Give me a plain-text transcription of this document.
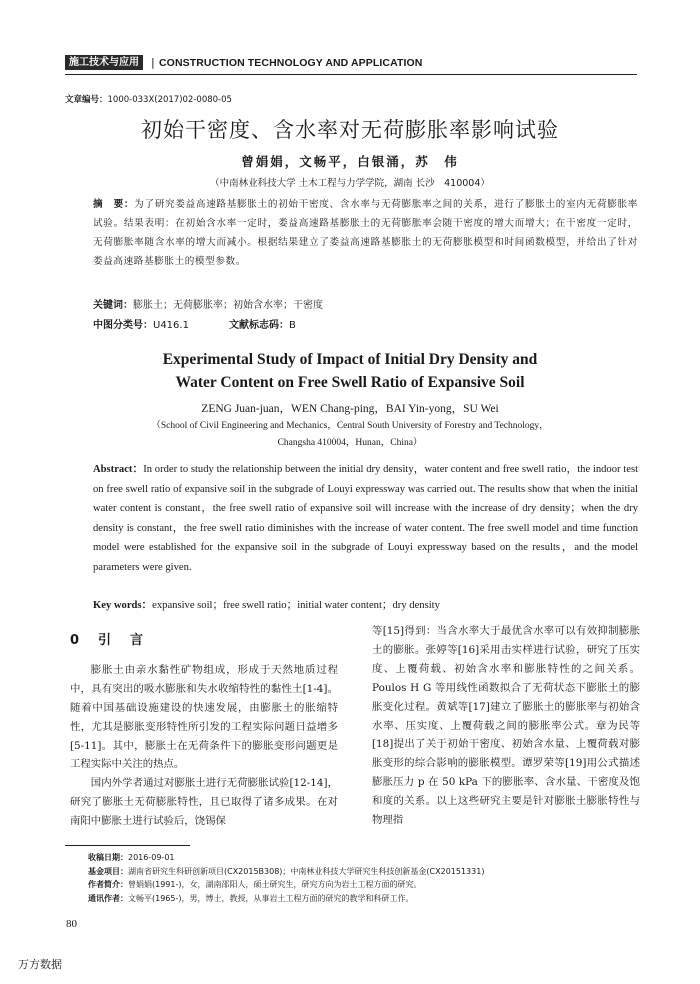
施工技术与应用	| CONSTRUCTION TECHNOLOGY AND APPLICATION
文章编号：1000-033X(2017)02-0080-05
初始干密度、含水率对无荷膨胀率影响试验
曾娟娟，文畅平，白银涌，苏　伟
（中南林业科技大学 土木工程与力学学院，湖南 长沙　410004）
摘　要：为了研究娄益高速路基膨胀土的初始干密度、含水率与无荷膨胀率之间的关系，进行了膨胀土的室内无荷膨胀率试验。结果表明：在初始含水率一定时，娄益高速路基膨胀土的无荷膨胀率会随干密度的增大而增大；在干密度一定时，无荷膨胀率随含水率的增大而减小。根据结果建立了娄益高速路基膨胀土的无荷膨胀模型和时间函数模型，并给出了针对娄益高速路基膨胀土的模型参数。
关键词：膨胀土；无荷膨胀率；初始含水率；干密度
中图分类号：U416.1	文献标志码：B
Experimental Study of Impact of Initial Dry Density and
Water Content on Free Swell Ratio of Expansive Soil
ZENG Juan-juan，WEN Chang-ping，BAI Yin-yong，SU Wei
（School of Civil Engineering and Mechanics，Central South University of Forestry and Technology，
Changsha 410004，Hunan，China）
Abstract：In order to study the relationship between the initial dry density，water content and free swell ratio，the indoor test on free swell ratio of expansive soil in the subgrade of Louyi expressway was carried out. The results show that when the initial water content is constant，the free swell ratio of expansive soil will increase with the increase of dry density；when the dry density is constant，the free swell ratio diminishes with the increase of water content. The free swell model and time function model were established for the expansive soil in the subgrade of Louyi expressway based on the results，and the model parameters were given.
Key words：expansive soil；free swell ratio；initial water content；dry density
0　引　言

膨胀土由亲水黏性矿物组成，形成于天然地质过程中，具有突出的吸水膨胀和失水收缩特性的黏性土[1-4]。随着中国基础设施建设的快速发展，由膨胀土的胀缩特性，尤其是膨胀变形特性所引发的工程实际问题日益增多[5-11]。其中，膨胀土在无荷条件下的膨胀变形问题更是工程实际中关注的热点。

国内外学者通过对膨胀土进行无荷膨胀试验[12-14]，研究了膨胀土无荷膨胀特性，且已取得了诸多成果。在对南阳中膨胀土进行试验后，饶锡保

等[15]得到：当含水率大于最优含水率可以有效抑制膨胀土的膨胀。张婷等[16]采用击实样进行试验，研究了压实度、上覆荷载、初始含水率和膨胀特性的之间关系。Poulos H G 等用线性函数拟合了无荷状态下膨胀土的膨胀变化过程。黄斌等[17]建立了膨胀土的膨胀率与初始含水率、压实度、上覆荷载之间的膨胀率公式。章为民等[18]提出了关于初始干密度、初始含水量、上覆荷载对膨胀变形的综合影响的膨胀模型。谭罗荣等[19]用公式描述膨胀压力 p 在 50 kPa 下的膨胀率、含水量、干密度及饱和度的关系。以上这些研究主要是针对膨胀土膨胀特性与物理指

收稿日期：2016-09-01
基金项目：湖南省研究生科研创新项目(CX2015B308)；中南林业科技大学研究生科技创新基金(CX20151331)
作者简介：曾娟娟(1991-)，女，湖南邵阳人，硕士研究生，研究方向为岩土工程方面的研究。
通讯作者：文畅平(1965-)，男，博士，教授，从事岩土工程方面的研究的教学和科研工作。
80
万方数据
